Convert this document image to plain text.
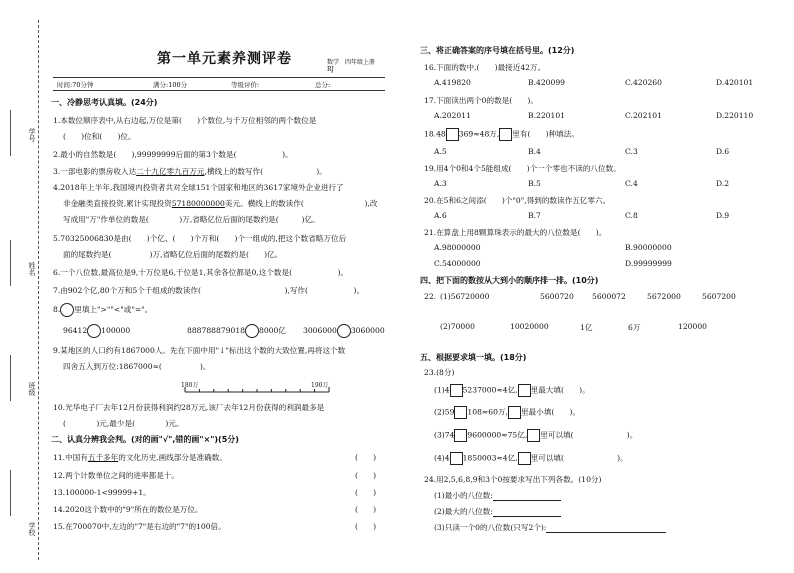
学号
姓名
班级
学校
第一单元素养测评卷	数学　四年级上册　RJ
时间:70分钟	满分:100分	等级评价:	总分:
一、冷静思考认真填。(24分)
1.本数位顺序表中,从右边起,万位是第(　　)个数位,与千万位相邻的两个数位是
(　　)位和(　　)位。
2.最小的自然数是(　　),99999999后面的第3个数是(　　　　　　)。
3.一部电影的票房收入达二十九亿零九百万元,横线上的数写作(　　　　　　　)。
4.2018年上半年,我国境内投资者共对全球151个国家和地区的3617家境外企业进行了
非金融类直接投资,累计实现投资57180000000美元。横线上的数读作(　　　　　　　　),改
写成用"万"作单位的数是(　　　　)万,省略亿位后面的尾数约是(　　　)亿。
5.70325006830是由(　　)个亿、(　　)个万和(　　)个一组成的,把这个数省略万位后
面的尾数约是(　　　　　)万,省略亿位后面的尾数约是(　　)亿。
6.一个八位数,最高位是9,十万位是6,千位是1,其余各位都是0,这个数是(　　　　　　)。
7.由902个亿,80个万和5个千组成的数读作(　　　　　　　　　　　),写作(　　　　　　)。
8. 里填上">""<"或"="。
96412 100000	888788879018 8000亿 3006000 3060000
9.某地区的人口约有1867000人。先在下面中用"↓"标出这个数的大致位置,再将这个数
四舍五入到万位:1867000≈(　　　　　)。
180万	190万
10.光华电子厂去年12月份获得利润约28万元,该厂去年12月份获得的利润最多是
(　　　　)元,最少是(　　　　)元。
二、认真分辨我会判。(对的画"√",错的画"×")(5分)
11.中国有五千多年的文化历史,画线部分是准确数。
12.两个计数单位之间的进率都是十。
13.100000-1<99999+1。
14.2020这个数中的"9"所在的数位是万位。
15.在700070中,左边的"7"是右边的"7"的100倍。
(　　)
(　　)
(　　)
(　　)
(　　)
三、将正确答案的序号填在括号里。(12分)
16.下面的数中,(　　)最接近42万。
A.419820	B.420099	C.420260	D.420101
17.下面读出两个0的数是(　　)。
A.202011	B.220101	C.202101	D.220110
18.48 369≈48万, 里有(　　)种填法。
A.5	B.4	C.3	D.6
19.用4个0和4个5能组成(　　)个一个零也不读的八位数。
A.3	B.5	C.4	D.2
20.在5和6之间添(　　)个"0",得到的数读作五亿零六。
A.6	B.7	C.8	D.9
21.在算盘上用8颗算珠表示的最大的八位数是(　　)。
A.98000000	B.90000000
C.54000000	D.99999999
四、把下面的数按从大到小的顺序排一排。(10分)
22. (1)56720000	5600720 5600072	5672000	5607200
(2)70000	10020000	1亿	6万	120000
五、根据要求填一填。(18分)
23.(8分)
(1)4 5237000≈4亿, 里最大填(　　)。
(2)59 108≈60万, 里最小填(　　)。
(3)74 9600000≈75亿, 里可以填(　　　　　　　)。
(4)4 1850003≈4亿, 里可以填(　　　　　　　)。
24.用2,5,6,8,9和3个0按要求写出下列各数。(10分)
(1)最小的八位数:
(2)最大的八位数:
(3)只读一个0的八位数(只写2个):
